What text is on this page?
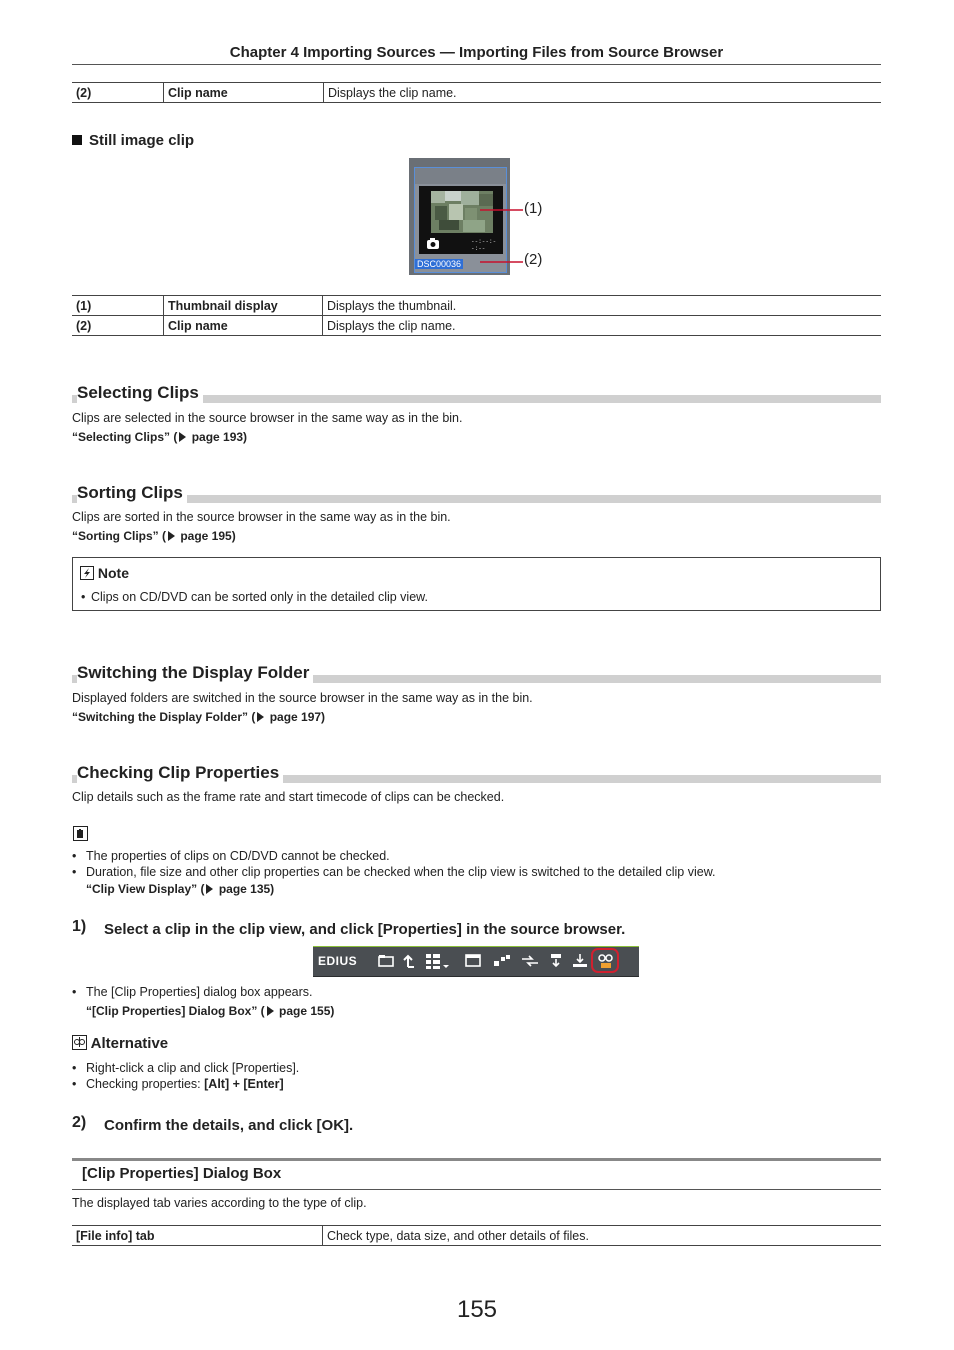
Chapter 4 Importing Sources — Importing Files from Source Browser
(2)	Clip name	Displays the clip name.
Still image clip
--:--:--:--
DSC00036
(1)
(2)
(1)	Thumbnail display	Displays the thumbnail.
(2)	Clip name	Displays the clip name.
Selecting Clips
Clips are selected in the source browser in the same way as in the bin.
“Selecting Clips” ( page 193)
Sorting Clips
Clips are sorted in the source browser in the same way as in the bin.
“Sorting Clips” ( page 195)
Note
• Clips on CD/DVD can be sorted only in the detailed clip view.
Switching the Display Folder
Displayed folders are switched in the source browser in the same way as in the bin.
“Switching the Display Folder” ( page 197)
Checking Clip Properties
Clip details such as the frame rate and start timecode of clips can be checked.
• The properties of clips on CD/DVD cannot be checked.
• Duration, file size and other clip properties can be checked when the clip view is switched to the detailed clip view.
“Clip View Display” ( page 135)
1) Select a clip in the clip view, and click [Properties] in the source browser.
EDIUS
• The [Clip Properties] dialog box appears.
“[Clip Properties] Dialog Box” ( page 155)
Alternative
• Right-click a clip and click [Properties].
• Checking properties: [Alt] + [Enter]
2) Confirm the details, and click [OK].
[Clip Properties] Dialog Box
The displayed tab varies according to the type of clip.
[File info] tab	Check type, data size, and other details of files.
155
